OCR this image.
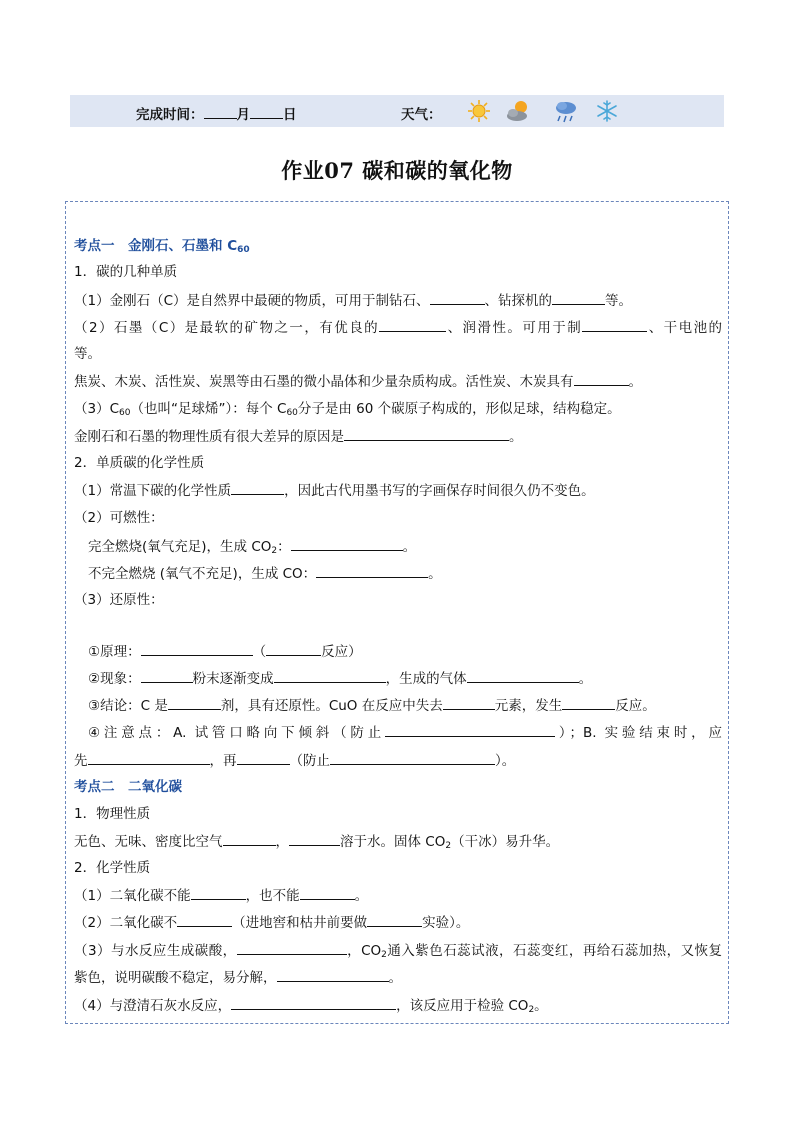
完成时间： 月 日	天气：
作业07 碳和碳的氧化物
考点一　金刚石、石墨和 $C_{60}$
1．碳的几种单质
（1）金刚石（C）是自然界中最硬的物质，可用于制钻石、	、钻探机的	等。
（2）石墨（C）是最软的矿物之一，有优良的	、润滑性。可用于制	、干电池的
等。
焦炭、木炭、活性炭、炭黑等由石墨的微小晶体和少量杂质构成。活性炭、木炭具有	。
$(3)C_{60}$（也叫“足球烯”）：每个 $C_{60}$分子是由 60 个碳原子构成的，形似足球，结构稳定。
金刚石和石墨的物理性质有很大差异的原因是	。
2．单质碳的化学性质
（1）常温下碳的化学性质	，因此古代用墨书写的字画保存时间很久仍不变色。
（2）可燃性：
完全燃烧(氧气充足)，生成 $CO_2$：	。
不完全燃烧 (氧气不充足)，生成 CO：	。
（3）还原性：
①原理：	（	反应）
②现象：	粉末逐渐变成	，生成的气体	。
③结论：C 是	剂，具有还原性。CuO 在反应中失去	元素，发生	反应。
④注意点：A. 试管口略向下倾斜（防止	）；B. 实验结束时，应
先	，再	（防止	）。
考点二　二氧化碳
1．物理性质
无色、无味、密度比空气	，	溶于水。固体 $CO_2$（干冰）易升华。
2．化学性质
（1）二氧化碳不能	，也不能	。
（2）二氧化碳不	（进地窖和枯井前要做	实验）。
（3）与水反应生成碳酸，	，$CO_2$通入紫色石蕊试液，石蕊变红，再给石蕊加热，又恢复
紫色，说明碳酸不稳定，易分解，	。
（4）与澄清石灰水反应，	，该反应用于检验 $CO_2$。
